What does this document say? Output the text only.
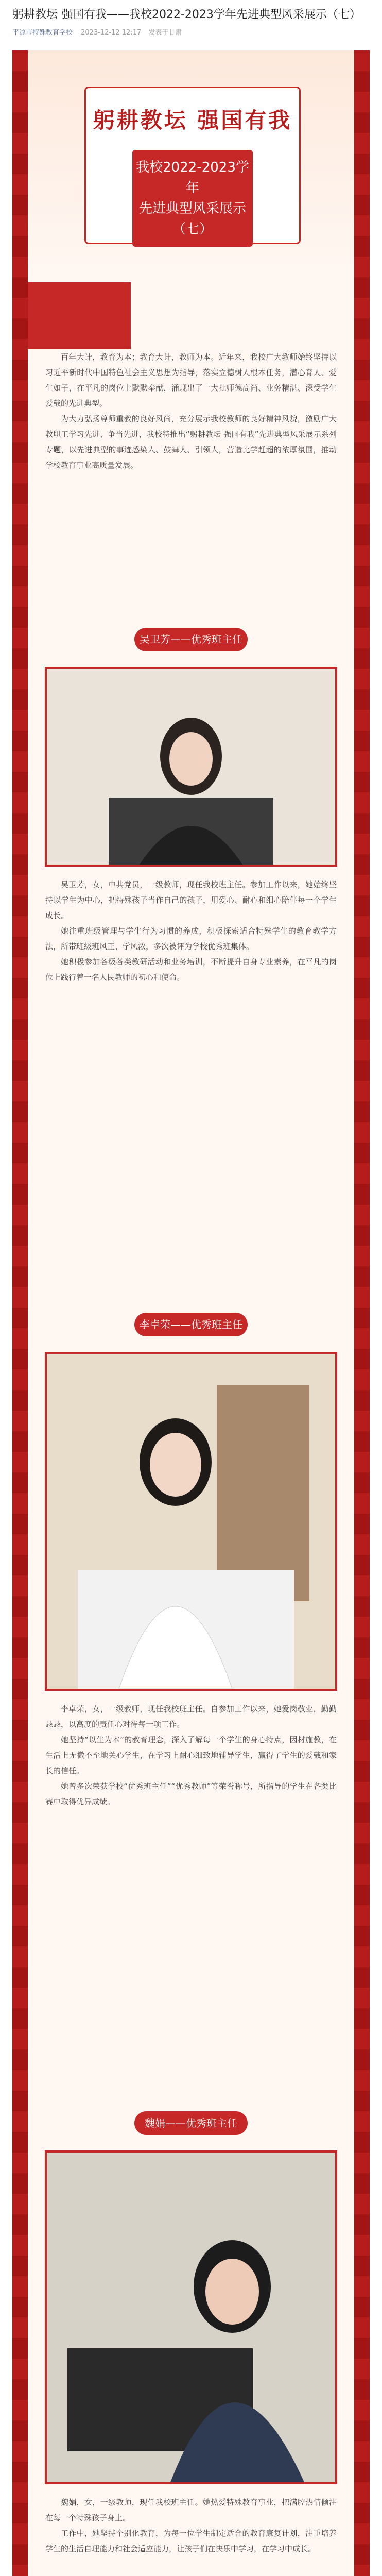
躬耕教坛 强国有我——我校2022-2023学年先进典型风采展示（七）
平凉市特殊教育学校 2023-12-12 12:17 发表于甘肃
躬耕教坛 强国有我
我校2022-2023学年
先进典型风采展示（七）

百年大计，教育为本；教育大计，教师为本。近年来，我校广大教师始终坚持以习近平新时代中国特色社会主义思想为指导，落实立德树人根本任务，潜心育人、爱生如子，在平凡的岗位上默默奉献，涌现出了一大批师德高尚、业务精湛、深受学生爱戴的先进典型。

为大力弘扬尊师重教的良好风尚，充分展示我校教师的良好精神风貌，激励广大教职工学习先进、争当先进，我校特推出“躬耕教坛 强国有我”先进典型风采展示系列专题，以先进典型的事迹感染人、鼓舞人、引领人，营造比学赶超的浓厚氛围，推动学校教育事业高质量发展。

吴卫芳——优秀班主任

吴卫芳，女，中共党员，一级教师，现任我校班主任。参加工作以来，她始终坚持以学生为中心，把特殊孩子当作自己的孩子，用爱心、耐心和细心陪伴每一个学生成长。

她注重班级管理与学生行为习惯的养成，积极探索适合特殊学生的教育教学方法，所带班级班风正、学风浓，多次被评为学校优秀班集体。

她积极参加各级各类教研活动和业务培训，不断提升自身专业素养，在平凡的岗位上践行着一名人民教师的初心和使命。

李卓荣——优秀班主任

李卓荣，女，一级教师，现任我校班主任。自参加工作以来，她爱岗敬业，勤勤恳恳，以高度的责任心对待每一项工作。

她坚持“以生为本”的教育理念，深入了解每一个学生的身心特点，因材施教，在生活上无微不至地关心学生，在学习上耐心细致地辅导学生，赢得了学生的爱戴和家长的信任。

她曾多次荣获学校“优秀班主任”“优秀教师”等荣誉称号，所指导的学生在各类比赛中取得优异成绩。

魏娟——优秀班主任

魏娟，女，一级教师，现任我校班主任。她热爱特殊教育事业，把满腔热情倾注在每一个特殊孩子身上。

工作中，她坚持个别化教育，为每一位学生制定适合的教育康复计划，注重培养学生的生活自理能力和社会适应能力，让孩子们在快乐中学习，在学习中成长。
